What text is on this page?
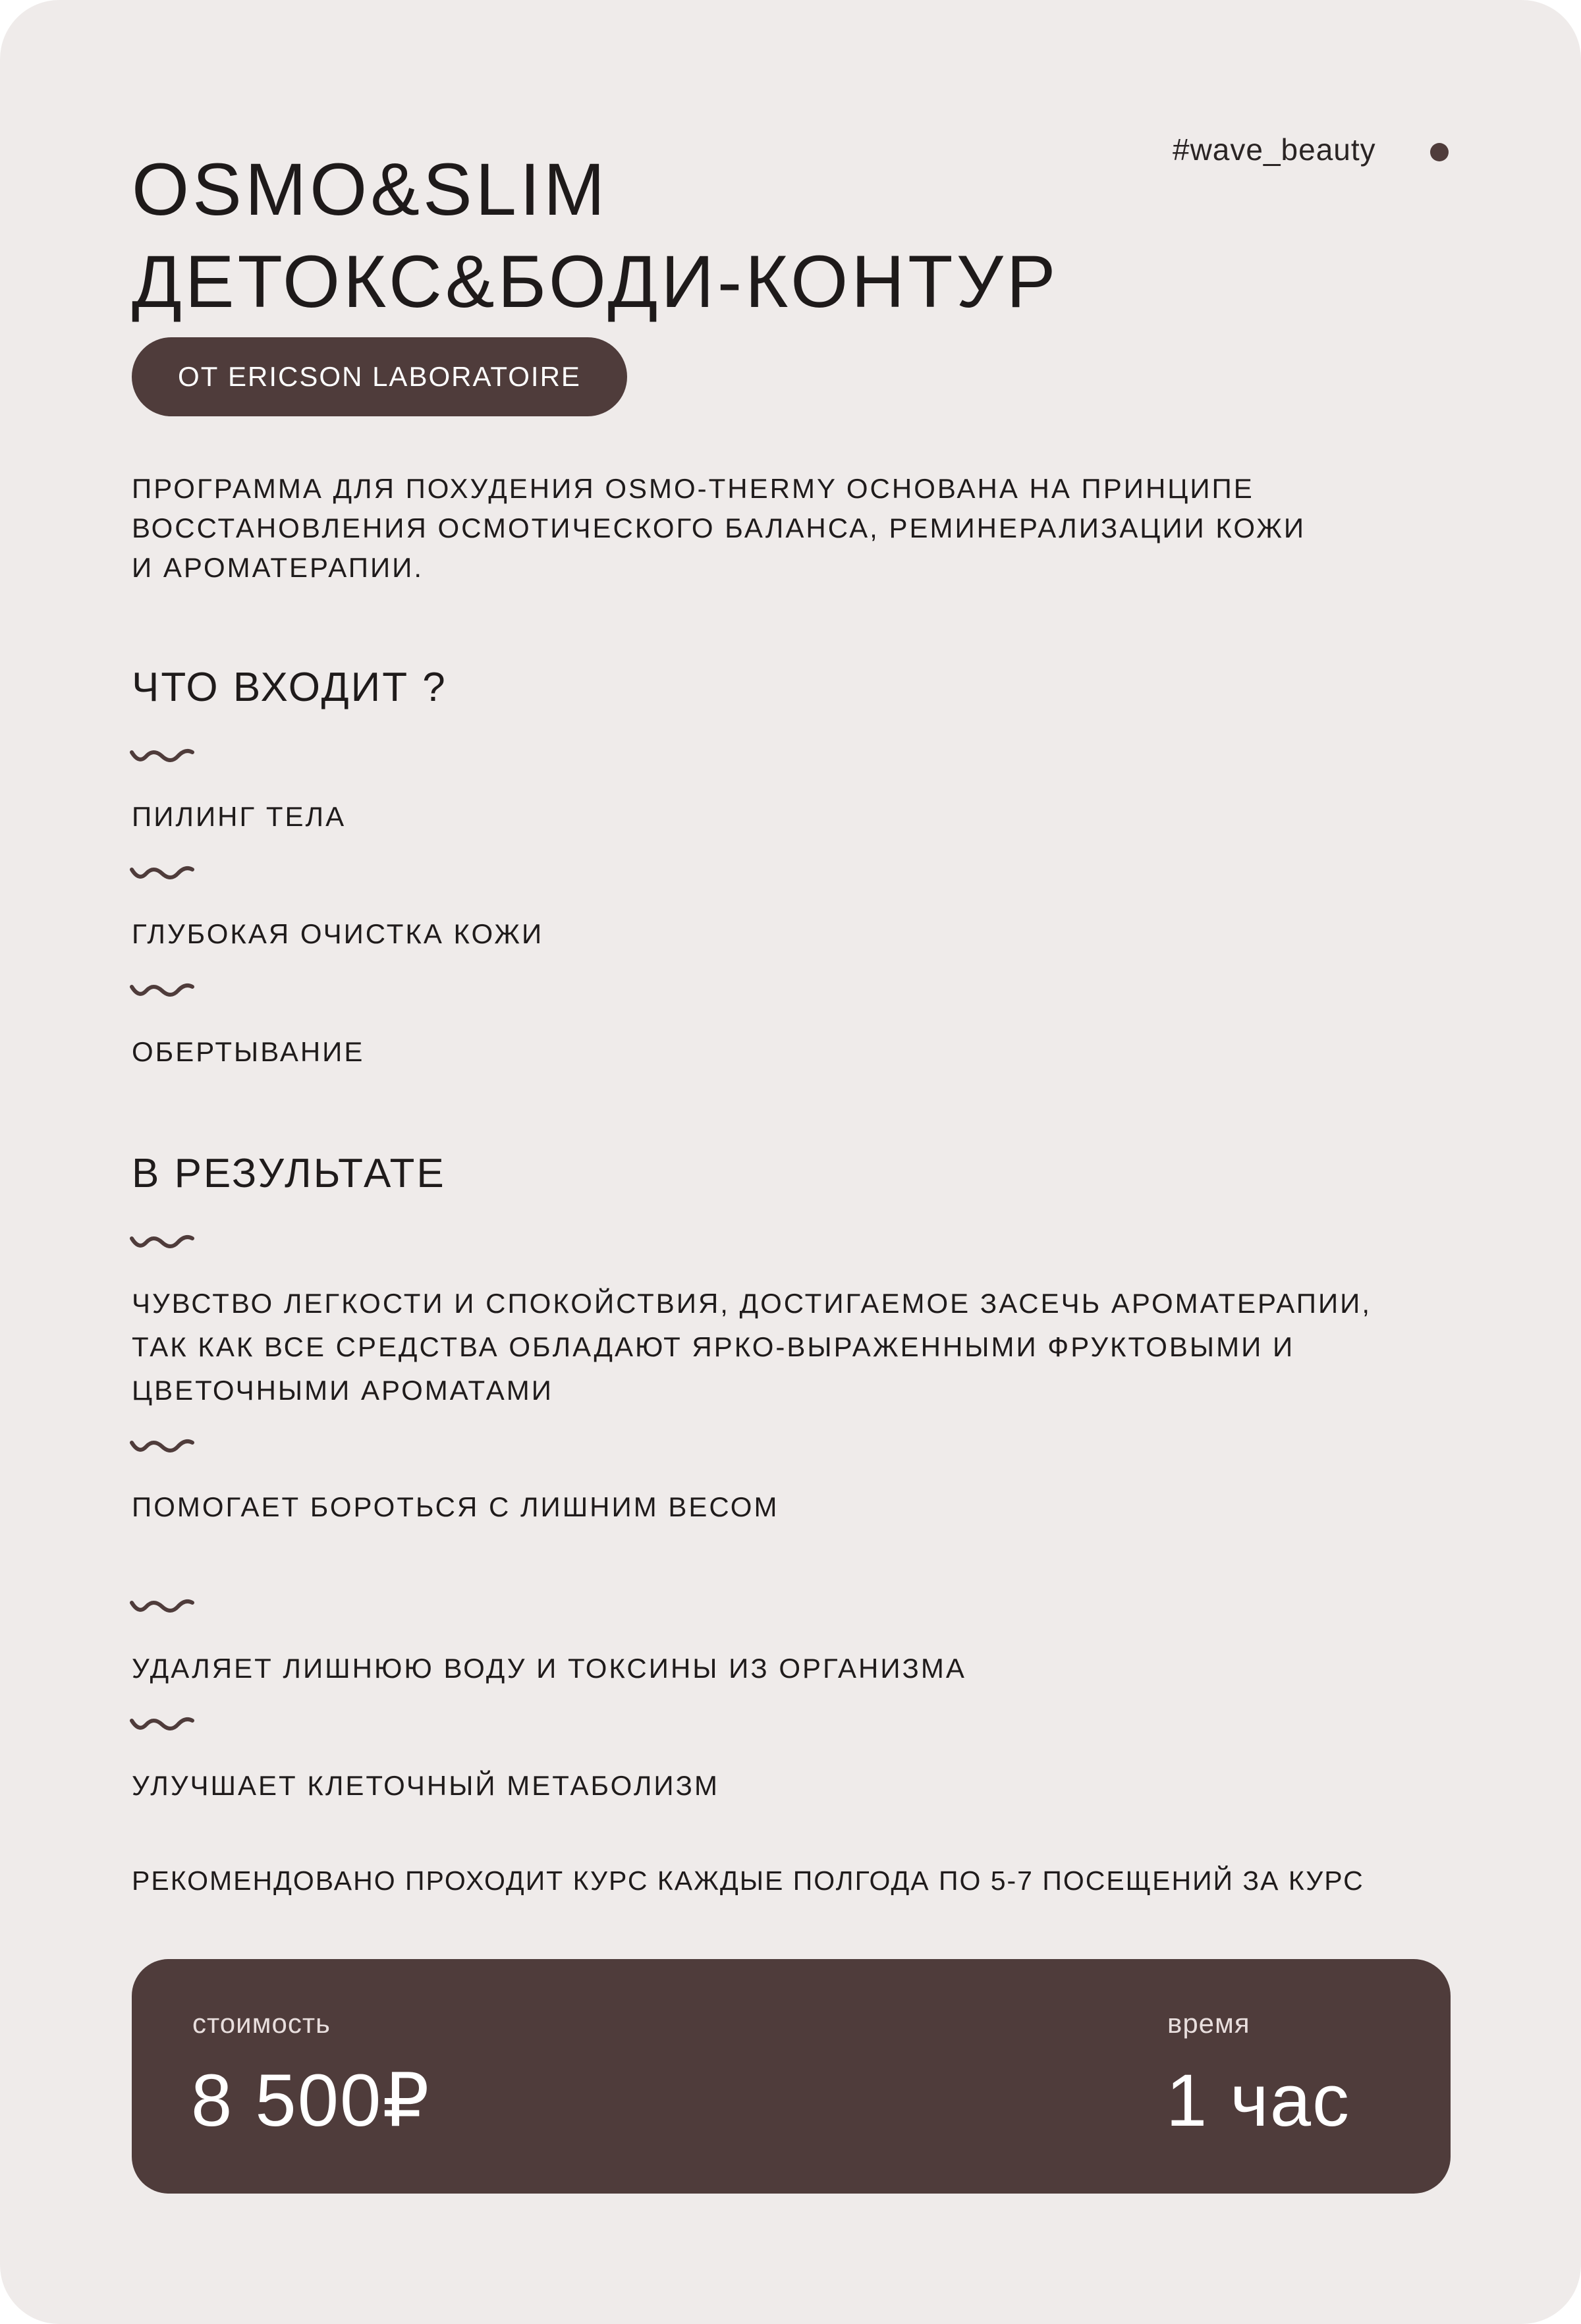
#wave_beauty
OSMO&SLIM
ДЕТОКС&БОДИ-КОНТУР
ОТ ERICSON LABORATOIRE
ПРОГРАММА ДЛЯ ПОХУДЕНИЯ OSMO-THERMY ОСНОВАНА НА ПРИНЦИПЕ
ВОССТАНОВЛЕНИЯ ОСМОТИЧЕСКОГО БАЛАНСА, РЕМИНЕРАЛИЗАЦИИ КОЖИ
И АРОМАТЕРАПИИ.
ЧТО ВХОДИТ ?
ПИЛИНГ ТЕЛА
ГЛУБОКАЯ ОЧИСТКА КОЖИ
ОБЕРТЫВАНИЕ
В РЕЗУЛЬТАТЕ
ЧУВСТВО ЛЕГКОСТИ И СПОКОЙСТВИЯ, ДОСТИГАЕМОЕ ЗАСЕЧЬ АРОМАТЕРАПИИ,
ТАК КАК ВСЕ СРЕДСТВА ОБЛАДАЮТ ЯРКО-ВЫРАЖЕННЫМИ ФРУКТОВЫМИ И
ЦВЕТОЧНЫМИ АРОМАТАМИ
ПОМОГАЕТ БОРОТЬСЯ С ЛИШНИМ ВЕСОМ
УДАЛЯЕТ ЛИШНЮЮ ВОДУ И ТОКСИНЫ ИЗ ОРГАНИЗМА
УЛУЧШАЕТ КЛЕТОЧНЫЙ МЕТАБОЛИЗМ
РЕКОМЕНДОВАНО ПРОХОДИТ КУРС КАЖДЫЕ ПОЛГОДА ПО 5-7 ПОСЕЩЕНИЙ ЗА КУРС
стоимость
8 500₽
время
1 час
